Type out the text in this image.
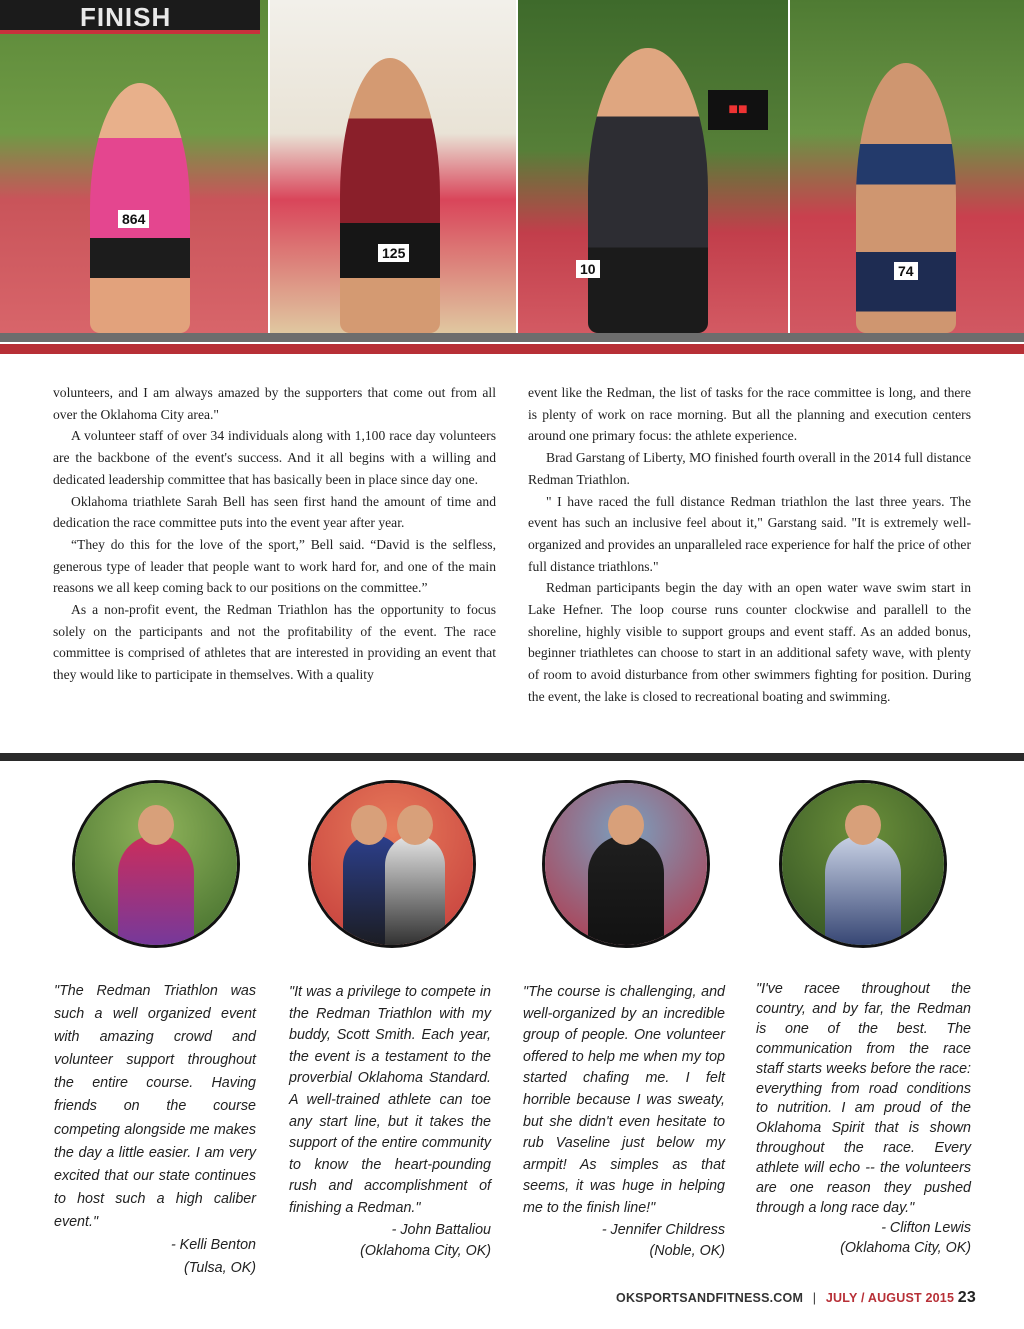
FINISH
864
125
10
■■
74

volunteers, and I am always amazed by the supporters that come out from all over the Oklahoma City area."

A volunteer staff of over 34 individuals along with 1,100 race day volunteers are the backbone of the event's success. And it all begins with a willing and dedicated leadership committee that has basically been in place since day one.

Oklahoma triathlete Sarah Bell has seen first hand the amount of time and dedication the race committee puts into the event year after year.

“They do this for the love of the sport,” Bell said. “David is the selfless, generous type of leader that people want to work hard for, and one of the main reasons we all keep coming back to our positions on the committee.”

As a non-profit event, the Redman Triathlon has the opportunity to focus solely on the participants and not the profitability of the event. The race committee is comprised of athletes that are interested in providing an event that they would like to participate in themselves. With a quality

event like the Redman, the list of tasks for the race committee is long, and there is plenty of work on race morning. But all the planning and execution centers around one primary focus: the athlete experience.

Brad Garstang of Liberty, MO finished fourth overall in the 2014 full distance Redman Triathlon.

" I have raced the full distance Redman triathlon the last three years. The event has such an inclusive feel about it," Garstang said. "It is extremely well-organized and provides an unparalleled race experience for half the price of other full distance triathlons."

Redman participants begin the day with an open water wave swim start in Lake Hefner. The loop course runs counter clockwise and parallell to the shoreline, highly visible to support groups and event staff. As an added bonus, beginner triathletes can choose to start in an additional safety wave, with plenty of room to avoid disturbance from other swimmers fighting for position. During the event, the lake is closed to recreational boating and swimming.

"The Redman Triathlon was such a well organized event with amazing crowd and volunteer support throughout the entire course. Having friends on the course competing alongside me makes the day a little easier. I am very excited that our state continues to host such a high caliber event."

- Kelli Benton

(Tulsa, OK)

"It was a privilege to compete in the Redman Triathlon with my buddy, Scott Smith. Each year, the event is a testament to the proverbial Oklahoma Standard. A well-trained athlete can toe any start line, but it takes the support of the entire community to know the heart-pounding rush and accomplishment of finishing a Redman."

- John Battaliou

(Oklahoma City, OK)

"The course is challenging, and well-organized by an incredible group of people. One volunteer offered to help me when my top started chafing me. I felt horrible because I was sweaty, but she didn't even hesitate to rub Vaseline just below my armpit! As simples as that seems, it was huge in helping me to the finish line!"

- Jennifer Childress

(Noble, OK)

"I've racee throughout the country, and by far, the Redman is one of the best. The communication from the race staff starts weeks before the race: everything from road conditions to nutrition. I am proud of the Oklahoma Spirit that is shown throughout the race. Every athlete will echo -- the volunteers are one reason they pushed through a long race day."

- Clifton Lewis

(Oklahoma City, OK)

OKSPORTSANDFITNESS.COM | JULY / AUGUST 2015 23
